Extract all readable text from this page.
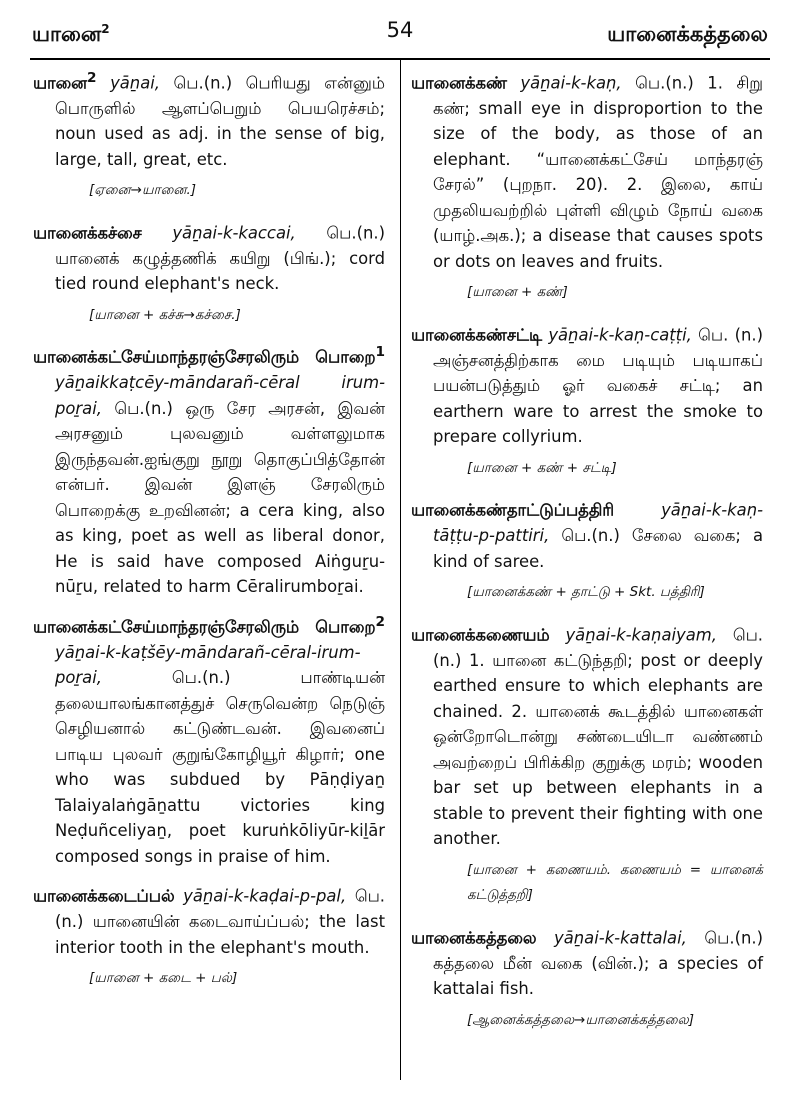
யானை$^2$	54	யானைக்கத்தலை
யானை$^2$ yāṉai, பெ.(n.) பெரியது என்னும் பொருளில் ஆளப்பெறும் பெயரெச்சம்; noun used as adj. in the sense of big, large, tall, great, etc.
[ஏனை→யானை.]
யானைக்கச்சை yāṉai-k-kaccai, பெ.(n.) யானைக் கழுத்தணிக் கயிறு (பிங்.); cord tied round elephant's neck.
[யானை + கச்சு→கச்சை.]
யானைக்கட்சேய்மாந்தரஞ்சேரலிரும் பொறை$^1$ yāṉaikkaṭcēy-māndarañ-cēral irum-poṟai, பெ.(n.) ஒரு சேர அரசன், இவன் அரசனும் புலவனும் வள்ளலுமாக இருந்தவன்.ஐங்குறு நூறு தொகுப்பித்தோன் என்பர். இவன் இளஞ் சேரலிரும் பொறைக்கு உறவினன்; a cera king, also as king, poet as well as liberal donor, He is said have composed Aiṅguṟu-nūṟu, related to harm Cēralirumboṟai.
யானைக்கட்சேய்மாந்தரஞ்சேரலிரும் பொறை$^2$ yāṉai-k-kaṭšēy-māndarañ-cēral-irum-poṟai,	பெ.(n.) பாண்டியன் தலையாலங்கானத்துச் செருவென்ற நெடுஞ் செழியனால் கட்டுண்டவன். இவனைப் பாடிய புலவர் குறுங்கோழியூர் கிழார்; one who was subdued by Pāṇḍiyaṉ Talaiyalaṅgāṉattu victories king Neḍuñceliyaṉ, poet kuruṅkōliyūr-kiḻār composed songs in praise of him.
யானைக்கடைப்பல் yāṉai-k-kaḍai-p-pal, பெ.(n.) யானையின் கடைவாய்ப்பல்; the last interior tooth in the elephant's mouth.
[யானை + கடை + பல்]
யானைக்கண் yāṉai-k-kaṇ, பெ.(n.) 1. சிறு கண்; small eye in disproportion to the size of the body, as those of an elephant. “யானைக்கட்சேய் மாந்தரஞ் சேரல்” (புறநா. 20). 2. இலை, காய் முதலியவற்றில் புள்ளி விழும் நோய் வகை (யாழ்.அக.); a disease that causes spots or dots on leaves and fruits.
[யானை + கண்]
யானைக்கண்சட்டி yāṉai-k-kaṇ-caṭṭi, பெ. (n.) அஞ்சனத்திற்காக மை படியும் படியாகப் பயன்படுத்தும் ஓர் வகைச் சட்டி; an earthern ware to arrest the smoke to prepare collyrium.
[யானை + கண் + சட்டி]
யானைக்கண்தாட்டுப்பத்திரி	yāṉai-k-kaṇ-tāṭṭu-p-pattiri, பெ.(n.) சேலை வகை; a kind of saree.
[யானைக்கண் + தாட்டு + Skt. பத்திரி]
யானைக்கணையம் yāṉai-k-kaṇaiyam, பெ.(n.) 1. யானை கட்டுந்தறி; post or deeply earthed ensure to which elephants are chained. 2. யானைக் கூடத்தில் யானைகள் ஒன்றோடொன்று சண்டையிடா வண்ணம் அவற்றைப் பிரிக்கிற குறுக்கு மரம்; wooden bar set up between elephants in a stable to prevent their fighting with one another.
[யானை + கணையம். கணையம் = யானைக் கட்டுத்தறி]
யானைக்கத்தலை yāṉai-k-kattalai, பெ.(n.) கத்தலை மீன் வகை (வின்.); a species of kattalai fish.
[ஆனைக்கத்தலை→யானைக்கத்தலை]
